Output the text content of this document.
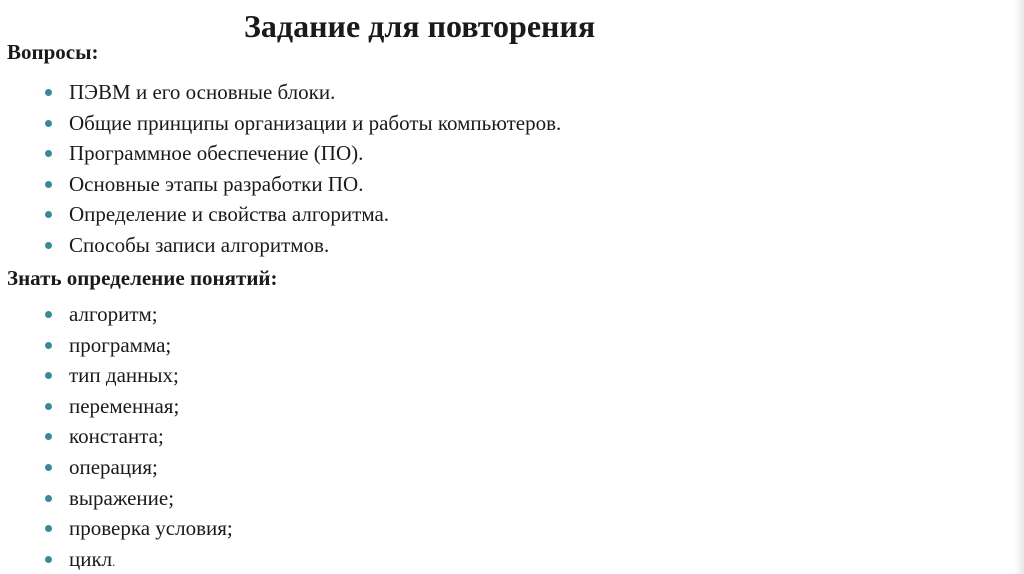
Задание для повторения
Вопросы:
ПЭВМ и его основные блоки.
Общие принципы организации и работы компьютеров.
Программное обеспечение (ПО).
Основные этапы разработки ПО.
Определение и свойства алгоритма.
Способы записи алгоритмов.
Знать определение понятий:
алгоритм;
программа;
тип данных;
переменная;
константа;
операция;
выражение;
проверка условия;
цикл.
